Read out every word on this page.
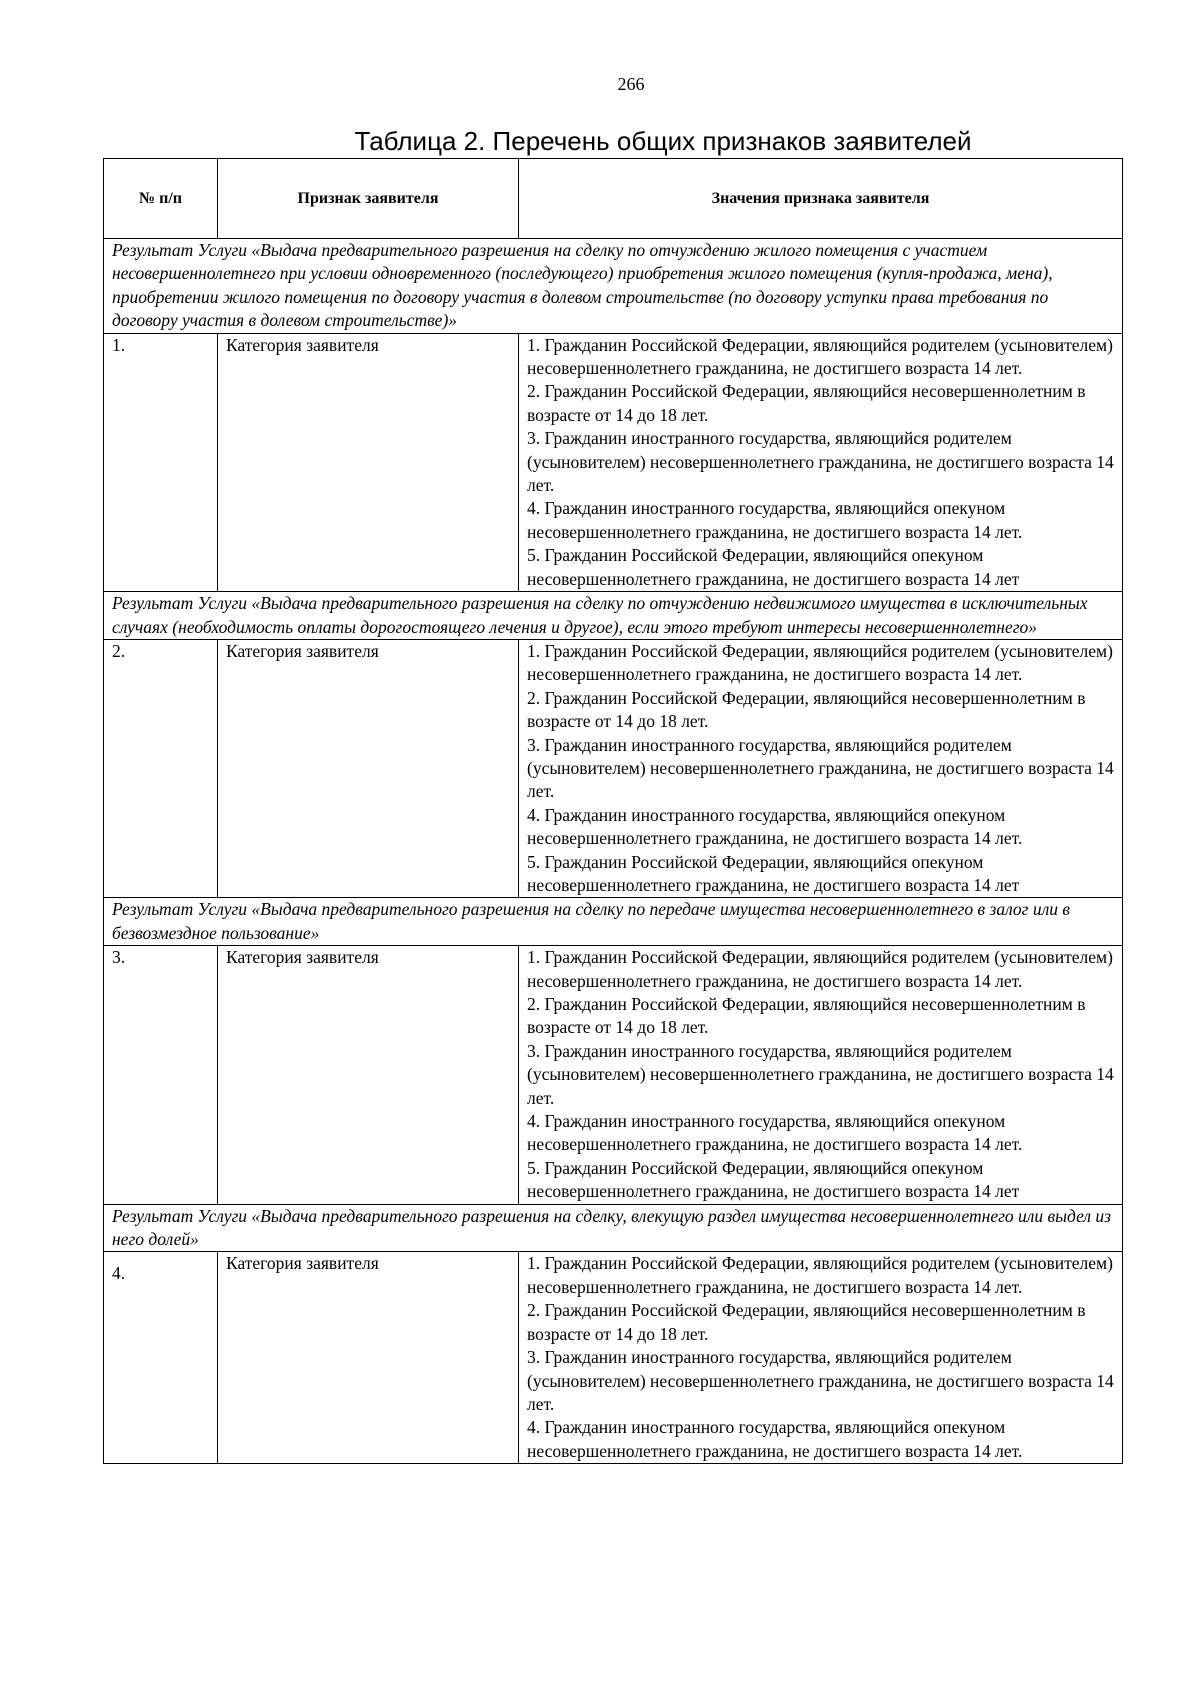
266
Таблица 2. Перечень общих признаков заявителей
№ п/п	Признак заявителя	Значения признака заявителя
Результат Услуги «Выдача предварительного разрешения на сделку по отчуждению жилого помещения с участием несовершеннолетнего при условии одновременного (последующего) приобретения жилого помещения (купля-продажа, мена), приобретении жилого помещения по договору участия в долевом строительстве (по договору уступки права требования по договору участия в долевом строительстве)»		
1.	Категория заявителя	1. Гражданин Российской Федерации, являющийся родителем (усыновителем) несовершеннолетнего гражданина, не достигшего возраста 14 лет.
2. Гражданин Российской Федерации, являющийся несовершеннолетним в возрасте от 14 до 18 лет.
3. Гражданин иностранного государства, являющийся родителем (усыновителем) несовершеннолетнего гражданина, не достигшего возраста 14 лет.
4. Гражданин иностранного государства, являющийся опекуном несовершеннолетнего гражданина, не достигшего возраста 14 лет.
5. Гражданин Российской Федерации, являющийся опекуном несовершеннолетнего гражданина, не достигшего возраста 14 лет

Результат Услуги «Выдача предварительного разрешения на сделку по отчуждению недвижимого имущества в исключительных случаях (необходимость оплаты дорогостоящего лечения и другое), если этого требуют интересы несовершеннолетнего»		
2.	Категория заявителя	1. Гражданин Российской Федерации, являющийся родителем (усыновителем) несовершеннолетнего гражданина, не достигшего возраста 14 лет.
2. Гражданин Российской Федерации, являющийся несовершеннолетним в возрасте от 14 до 18 лет.
3. Гражданин иностранного государства, являющийся родителем (усыновителем) несовершеннолетнего гражданина, не достигшего возраста 14 лет.
4. Гражданин иностранного государства, являющийся опекуном несовершеннолетнего гражданина, не достигшего возраста 14 лет.
5. Гражданин Российской Федерации, являющийся опекуном несовершеннолетнего гражданина, не достигшего возраста 14 лет

Результат Услуги «Выдача предварительного разрешения на сделку по передаче имущества несовершеннолетнего в залог или в безвозмездное пользование»		
3.	Категория заявителя	1. Гражданин Российской Федерации, являющийся родителем (усыновителем) несовершеннолетнего гражданина, не достигшего возраста 14 лет.
2. Гражданин Российской Федерации, являющийся несовершеннолетним в возрасте от 14 до 18 лет.
3. Гражданин иностранного государства, являющийся родителем (усыновителем) несовершеннолетнего гражданина, не достигшего возраста 14 лет.
4. Гражданин иностранного государства, являющийся опекуном несовершеннолетнего гражданина, не достигшего возраста 14 лет.
5. Гражданин Российской Федерации, являющийся опекуном несовершеннолетнего гражданина, не достигшего возраста 14 лет

Результат Услуги «Выдача предварительного разрешения на сделку, влекущую раздел имущества несовершеннолетнего или выдел из него долей»		
4.	Категория заявителя	1. Гражданин Российской Федерации, являющийся родителем (усыновителем) несовершеннолетнего гражданина, не достигшего возраста 14 лет.
2. Гражданин Российской Федерации, являющийся несовершеннолетним в возрасте от 14 до 18 лет.
3. Гражданин иностранного государства, являющийся родителем (усыновителем) несовершеннолетнего гражданина, не достигшего возраста 14 лет.
4. Гражданин иностранного государства, являющийся опекуном несовершеннолетнего гражданина, не достигшего возраста 14 лет.
